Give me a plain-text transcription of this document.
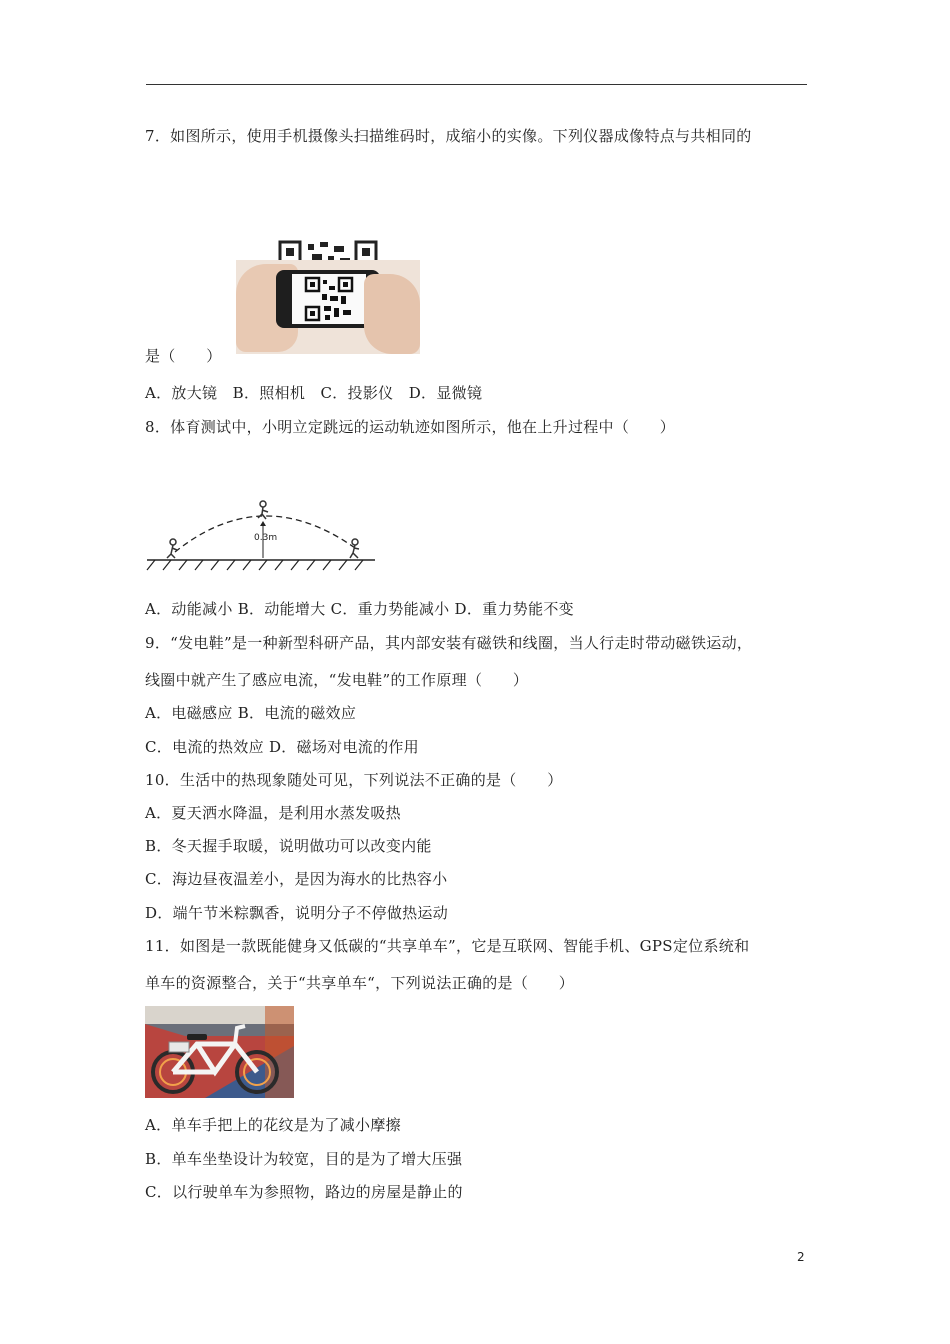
7．如图所示，使用手机摄像头扫描维码时，成缩小的实像。下列仪器成像特点与共相同的
是（　　）
A．放大镜　B．照相机　C．投影仪　D．显微镜
8．体育测试中，小明立定跳远的运动轨迹如图所示，他在上升过程中（　　）
0.3m
A．动能减小 B．动能增大 C．重力势能减小 D．重力势能不变
9．“发电鞋”是一种新型科研产品，其内部安装有磁铁和线圈，当人行走时带动磁铁运动，
线圈中就产生了感应电流，“发电鞋”的工作原理（　　）
A．电磁感应 B．电流的磁效应
C．电流的热效应 D．磁场对电流的作用
10．生活中的热现象随处可见，下列说法不正确的是（　　）
A．夏天洒水降温，是利用水蒸发吸热
B．冬天握手取暖，说明做功可以改变内能
C．海边昼夜温差小，是因为海水的比热容小
D．端午节米粽飘香，说明分子不停做热运动
11．如图是一款既能健身又低碳的“共享单车”，它是互联网、智能手机、GPS定位系统和
单车的资源整合，关于“共享单车“，下列说法正确的是（　　）
A．单车手把上的花纹是为了减小摩擦
B．单车坐垫设计为较宽，目的是为了增大压强
C．以行驶单车为参照物，路边的房屋是静止的
2
